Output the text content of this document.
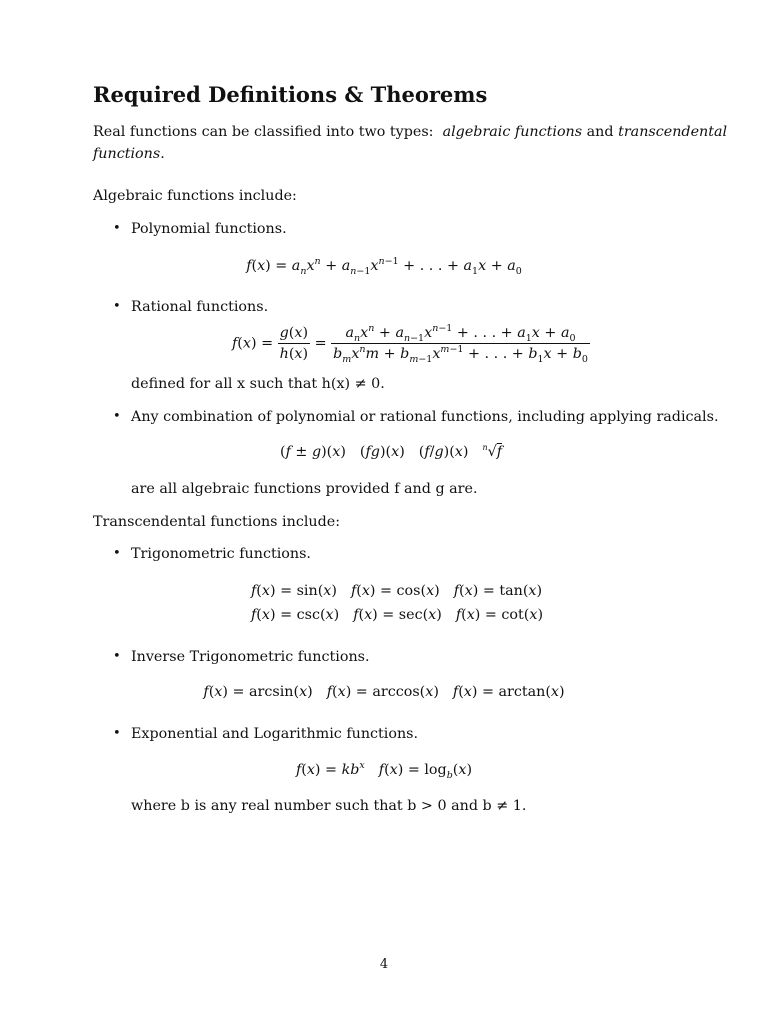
Required Definitions & Theorems
Real functions can be classified into two types: algebraic functions and transcendental
functions.
Algebraic functions include:
• Polynomial functions.
$f(x) = a_nx^n + a_{n-1}x^{n-1}$ + . . . + $a_1x + a_0$
• Rational functions.
$f(x) = \frac{g(x)}{h(x)} = \frac{a_nx^n + a_{n-1}x^{n-1} + . . . + a_1x + a_0}{b_mx^nm + b_{m-1}x^{m-1} + . . . + b_1x + b_0}$
defined for all x such that h(x) ≠ 0.
• Any combination of polynomial or rational functions, including applying radicals.
(f ± g)(x) (fg)(x) (f/g)(x) $^n$√f
are all algebraic functions provided f and g are.
Transcendental functions include:
• Trigonometric functions.
f(x) = sin(x) f(x) = cos(x) f(x) = tan(x)
f(x) = csc(x) f(x) = sec(x) f(x) = cot(x)
• Inverse Trigonometric functions.
f(x) = arcsin(x) f(x) = arccos(x) f(x) = arctan(x)
• Exponential and Logarithmic functions.
$f(x) = kb^x$ $f(x) = \log_b(x)$
where b is any real number such that b > 0 and b ≠ 1.
4
